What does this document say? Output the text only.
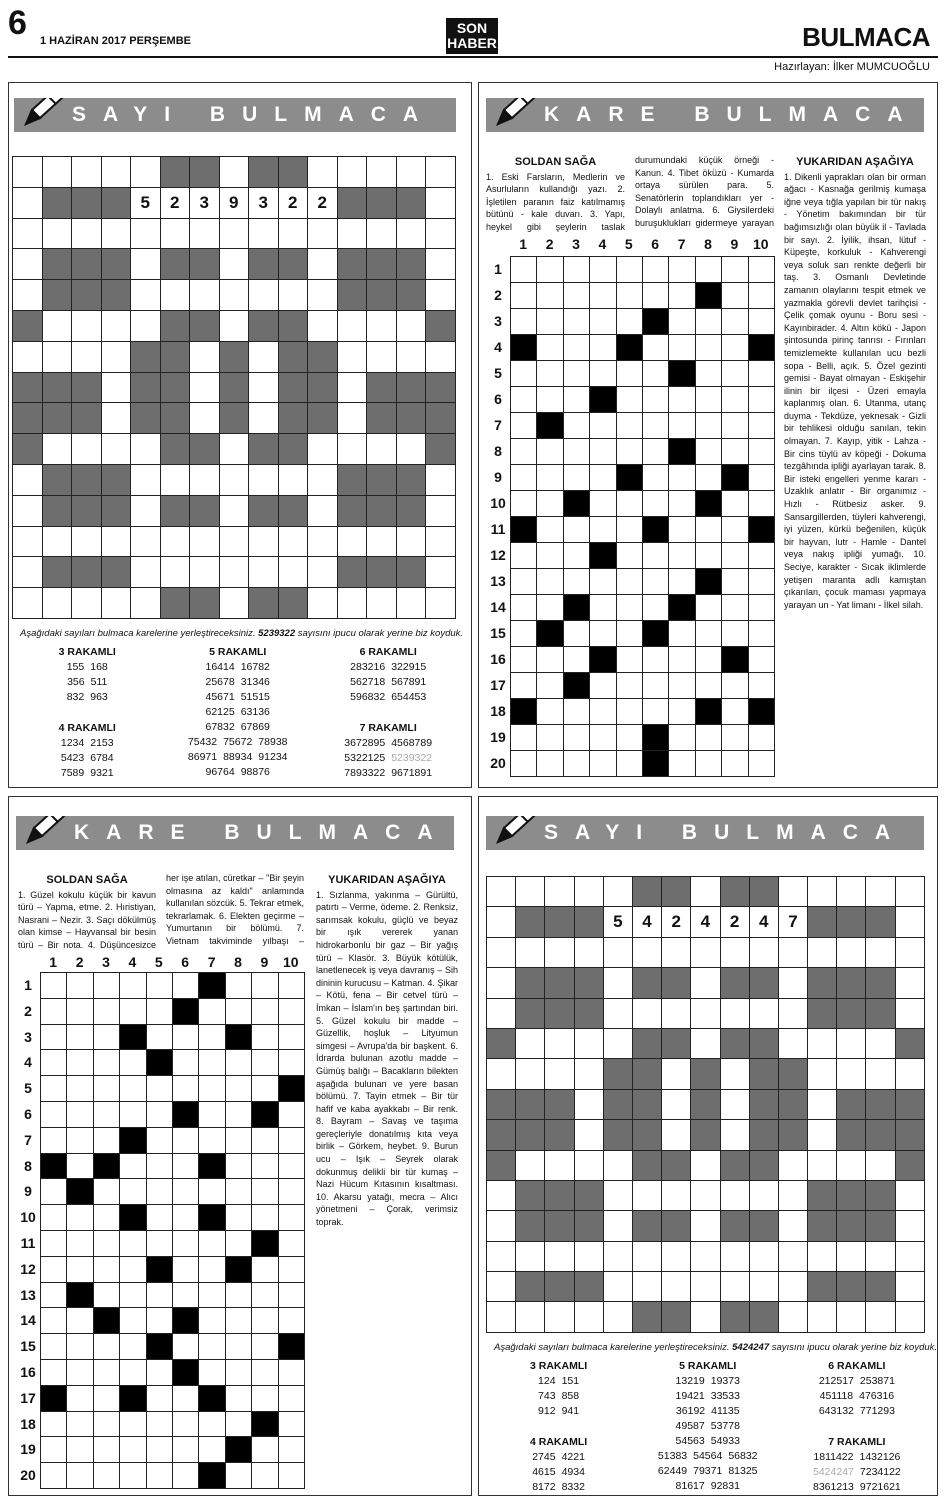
6 1 HAZİRAN 2017 PERŞEMBE
SON
HABER	BULMACA
Hazırlayan: İlker MUMCUOĞLU
SAYI BULMACA
5	2	3	9	3	2	2
Aşağıdaki sayıları bulmaca karelerine yerleştireceksiniz. 5239322 sayısını ipucu olarak yerine biz koyduk.
3 RAKAMLI
155 168
356 511
832 963
4 RAKAMLI
1234 2153
5423 6784
7589 9321
5 RAKAMLI
16414 16782
25678 31346
45671 51515
62125 63136
67832 67869
75432 75672 78938
86971 88934 91234
96764 98876
6 RAKAMLI
283216 322915
562718 567891
596832 654453
7 RAKAMLI
3672895 4568789
5322125 5239322
7893322 9671891
KARE BULMACA
SOLDAN SAĞA

1. Eski Farsların, Medlerin ve Asurluların kullandığı yazı. 2. İşletilen paranın faiz katılmamış bütünü - kale duvarı. 3. Yapı, heykel gibi şeylerin taslak durumundaki küçük örneği - Kanun. 4. Tibet öküzü - Kumarda ortaya sürülen para. 5. Senatörlerin toplandıkları yer - Dolaylı anlatma. 6. Giysilerdeki buruşuklukları gidermeye yarayan

YUKARIDAN AŞAĞIYA

1. Dikenli yaprakları olan bir orman ağacı - Kasnağa gerilmiş kumaşa iğne veya tığla yapılan bir tür nakış - Yönetim bakımından bir tür bağımsızlığı olan büyük il - Tavlada bir sayı. 2. İyilik, ihsan, lütuf - Küpeşte, korkuluk - Kahverengi veya soluk sarı renkte değerli bir taş. 3. Osmanlı Devletinde zamanın olaylarını tespit etmek ve yazmakla görevli devlet tarihçisi - Çelik çomak oyunu - Boru sesi - Kayınbirader. 4. Altın kökü - Japon şintosunda pirinç tanrısı - Fırınları temizlemekte kullanılan ucu bezli sopa - Belli, açık. 5. Özel gezinti gemisi - Bayat olmayan - Eskişehir ilinin bir ilçesi - Üzeri emayla kaplanmış olan. 6. Utanma, utanç duyma - Tekdüze, yeknesak - Gizli bir tehlikesi olduğu sanılan, tekin olmayan. 7. Kayıp, yitik - Lahza - Bir cins tüylü av köpeği - Dokuma tezgâhında ipliği ayarlayan tarak. 8. Bir isteki engelleri yenme kararı - Uzaklık anlatır - Bir organımız - Hızlı - Rütbesiz asker. 9. Sansargillerden, tüyleri kahverengi, iyi yüzen, kürkü beğenilen, küçük bir hayvan, lutr - Hamle - Dantel veya nakış ipliği yumağı. 10. Seciye, karakter - Sıcak iklimlerde yetişen maranta adlı kamıştan çıkarılan, çocuk maması yapmaya yarayan un - Yat limanı - İlkel silah.

1	2	3	4	5	6	7	8	9	10
1
2
3
4
5
6
7
8
9
10
11
12
13
14
15
16
17
18
19
20
KARE BULMACA
SOLDAN SAĞA

1. Güzel kokulu küçük bir kavun türü – Yapma, etme. 2. Hıristiyan, Nasrani – Nezir. 3. Saçı dökülmüş olan kimse – Hayvansal bir besin türü – Bir nota. 4. Düşüncesizce her işe atılan, cüretkar – "Bir şeyin olmasına az kaldı" anlamında kullanılan sözcük. 5. Tekrar etmek, tekrarlamak. 6. Elekten geçirme – Yumurtanın bir bölümü. 7. Vietnam takviminde yılbaşı –

YUKARIDAN AŞAĞIYA

1. Sızlanma, yakınma – Gürültü, patırtı – Verme, ödeme. 2. Renksiz, sarımsak kokulu, güçlü ve beyaz bir ışık vererek yanan hidrokarbonlu bir gaz – Bir yağış türü – Klasör. 3. Büyük kötülük, lanetlenecek iş veya davranış – Sih dininin kurucusu – Katman. 4. Şikar – Kötü, fena – Bir cetvel türü – İmkan – İslam'ın beş şartından biri. 5. Güzel kokulu bir madde – Güzellik, hoşluk – Lityumun simgesi – Avrupa'da bir başkent. 6. İdrarda bulunan azotlu madde – Gümüş balığı – Bacakların bilekten aşağıda bulunan ve yere basan bölümü. 7. Tayin etmek – Bir tür hafif ve kaba ayakkabı – Bir renk. 8. Bayram – Savaş ve taşıma gereçleriyle donatılmış kıta veya birlik – Görkem, heybet. 9. Burun ucu – Işık – Seyrek olarak dokunmuş delikli bir tür kumaş – Nazi Hücum Kıtasının kısaltması. 10. Akarsu yatağı, mecra – Alıcı yönetmeni – Çorak, verimsiz toprak.

1	2	3	4	5	6	7	8	9	10
1
2
3
4
5
6
7
8
9
10
11
12
13
14
15
16
17
18
19
20
SAYI BULMACA
5	4	2	4	2	4	7
Aşağıdaki sayıları bulmaca karelerine yerleştireceksiniz. 5424247 sayısını ipucu olarak yerine biz koyduk.
3 RAKAMLI
124 151
743 858
912 941
4 RAKAMLI
2745 4221
4615 4934
8172 8332
5 RAKAMLI
13219 19373
19421 33533
36192 41135
49587 53778
54563 54933
51383 54564 56832
62449 79371 81325
81617 92831
6 RAKAMLI
212517 253871
451118 476316
643132 771293
7 RAKAMLI
1811422 1432126
5424247 7234122
8361213 9721621
